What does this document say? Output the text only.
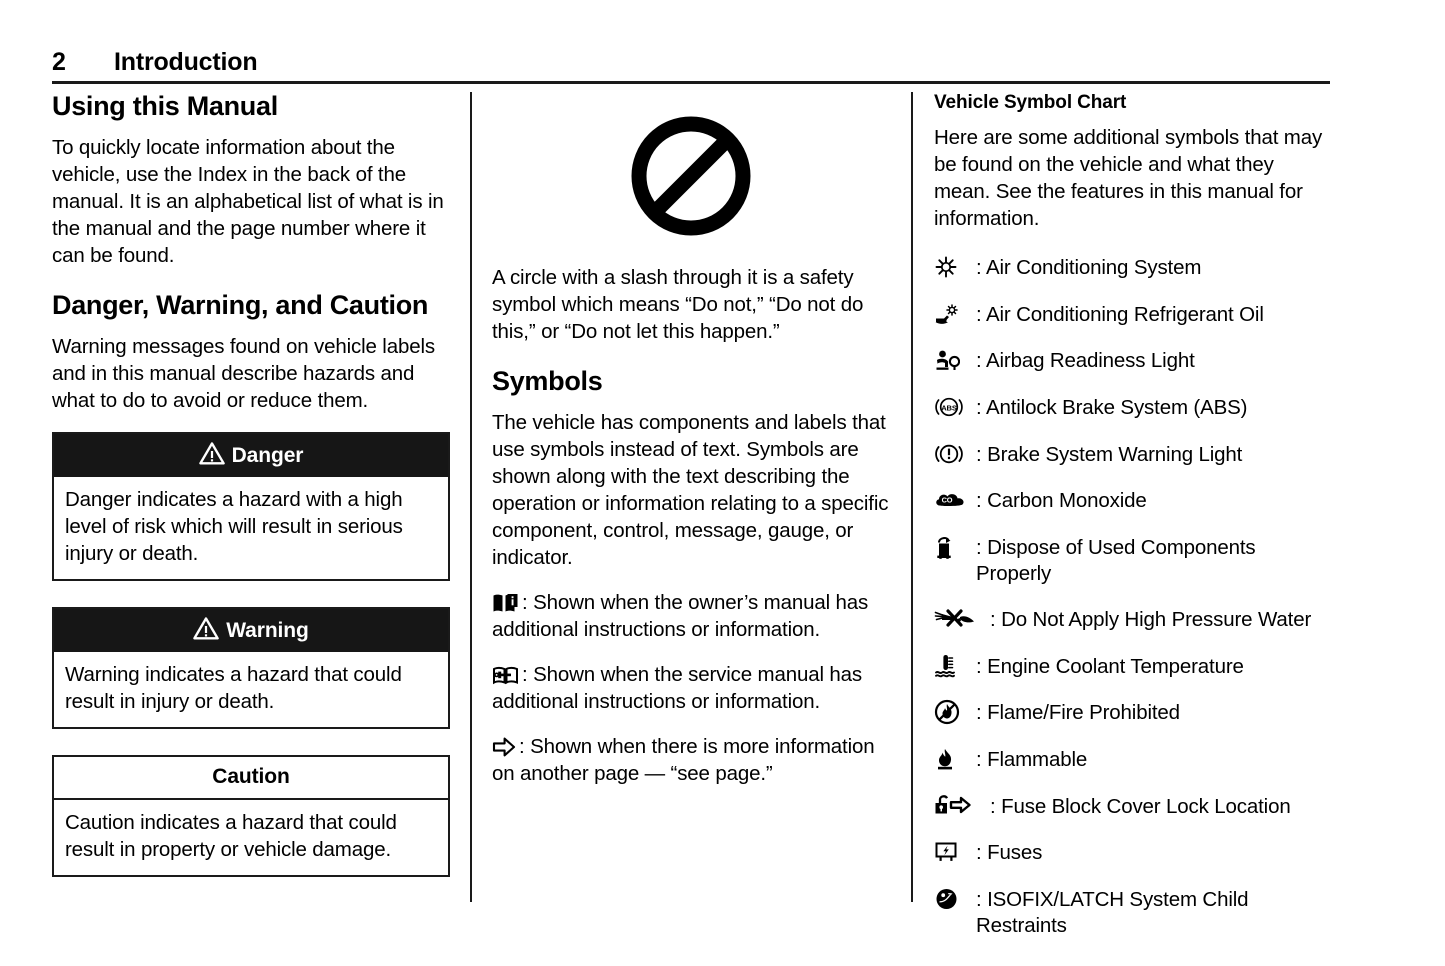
2	Introduction
Using this Manual

To quickly locate information about the vehicle, use the Index in the back of the manual. It is an alphabetical list of what is in the manual and the page number where it can be found.

Danger, Warning, and Caution

Warning messages found on vehicle labels and in this manual describe hazards and what to do to avoid or reduce them.

Danger
Danger indicates a hazard with a high level of risk which will result in serious injury or death.
Warning
Warning indicates a hazard that could result in injury or death.
Caution
Caution indicates a hazard that could result in property or vehicle damage.

A circle with a slash through it is a safety symbol which means “Do not,” “Do not do this,” or “Do not let this happen.”

Symbols

The vehicle has components and labels that use symbols instead of text. Symbols are shown along with the text describing the operation or information relating to a specific component, control, message, gauge, or indicator.

: Shown when the owner’s manual has additional instructions or information.
: Shown when the service manual has additional instructions or information.
: Shown when there is more information on another page — “see page.”
Vehicle Symbol Chart

Here are some additional symbols that may be found on the vehicle and what they mean. See the features in this manual for information.

: Air Conditioning System
: Air Conditioning Refrigerant Oil
: Airbag Readiness Light
ABS : Antilock Brake System (ABS)
: Brake System Warning Light
CO : Carbon Monoxide
: Dispose of Used Components Properly
: Do Not Apply High Pressure Water
: Engine Coolant Temperature
: Flame/Fire Prohibited
: Flammable
: Fuse Block Cover Lock Location
: Fuses
: ISOFIX/LATCH System Child Restraints
